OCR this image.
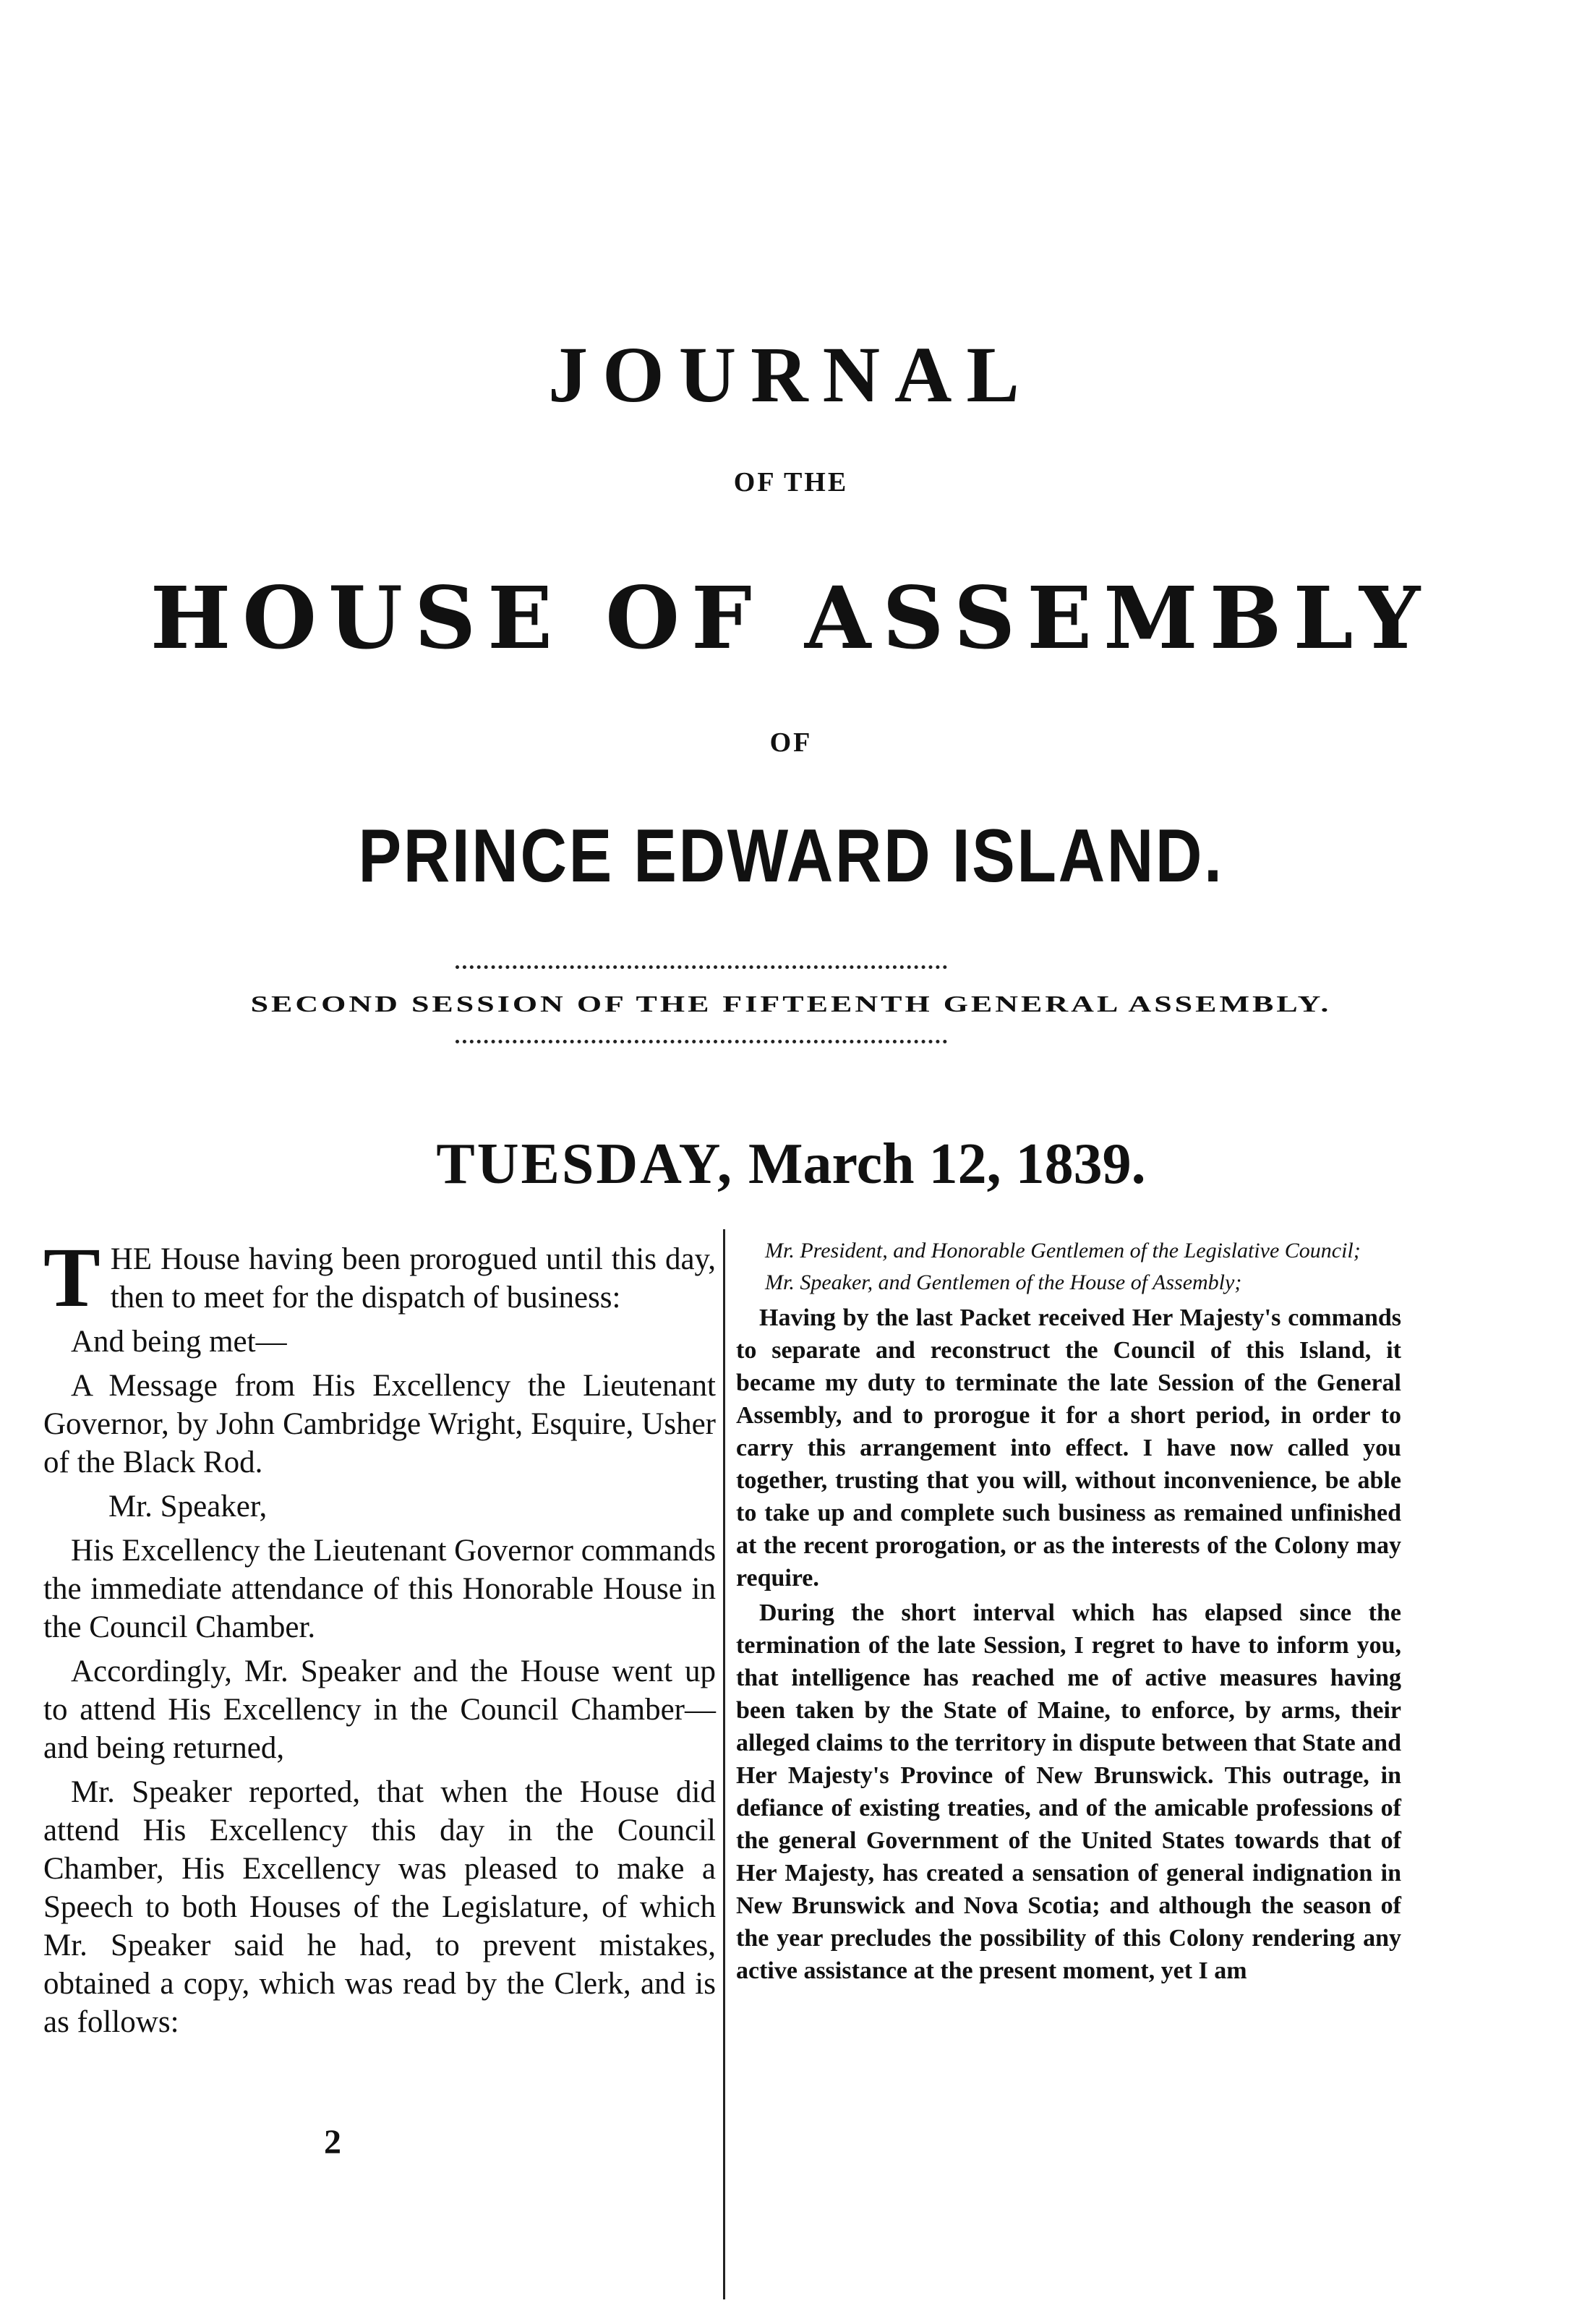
JOURNAL
OF THE
HOUSE OF ASSEMBLY
OF
PRINCE EDWARD ISLAND.
SECOND SESSION OF THE FIFTEENTH GENERAL ASSEMBLY.
TUESDAY, March 12, 1839.

THE House having been prorogued until this day, then to meet for the dispatch of business:

And being met—

A Message from His Excellency the Lieutenant Governor, by John Cambridge Wright, Esquire, Usher of the Black Rod.

Mr. Speaker,

His Excellency the Lieutenant Governor commands the immediate attendance of this Honorable House in the Council Chamber.

Accordingly, Mr. Speaker and the House went up to attend His Excellency in the Council Chamber—and being returned,

Mr. Speaker reported, that when the House did attend His Excellency this day in the Council Chamber, His Excellency was pleased to make a Speech to both Houses of the Legislature, of which Mr. Speaker said he had, to prevent mistakes, obtained a copy, which was read by the Clerk, and is as follows:

2
Mr. President, and Honorable Gentlemen of the Legislative Council;
Mr. Speaker, and Gentlemen of the House of Assembly;

Having by the last Packet received Her Majesty's commands to separate and reconstruct the Council of this Island, it became my duty to terminate the late Session of the General Assembly, and to prorogue it for a short period, in order to carry this arrangement into effect. I have now called you together, trusting that you will, without inconvenience, be able to take up and complete such business as remained unfinished at the recent prorogation, or as the interests of the Colony may require.

During the short interval which has elapsed since the termination of the late Session, I regret to have to inform you, that intelligence has reached me of active measures having been taken by the State of Maine, to enforce, by arms, their alleged claims to the territory in dispute between that State and Her Majesty's Province of New Brunswick. This outrage, in defiance of existing treaties, and of the amicable professions of the general Government of the United States towards that of Her Majesty, has created a sensation of general indignation in New Brunswick and Nova Scotia; and although the season of the year precludes the possibility of this Colony rendering any active assistance at the present moment, yet I am
